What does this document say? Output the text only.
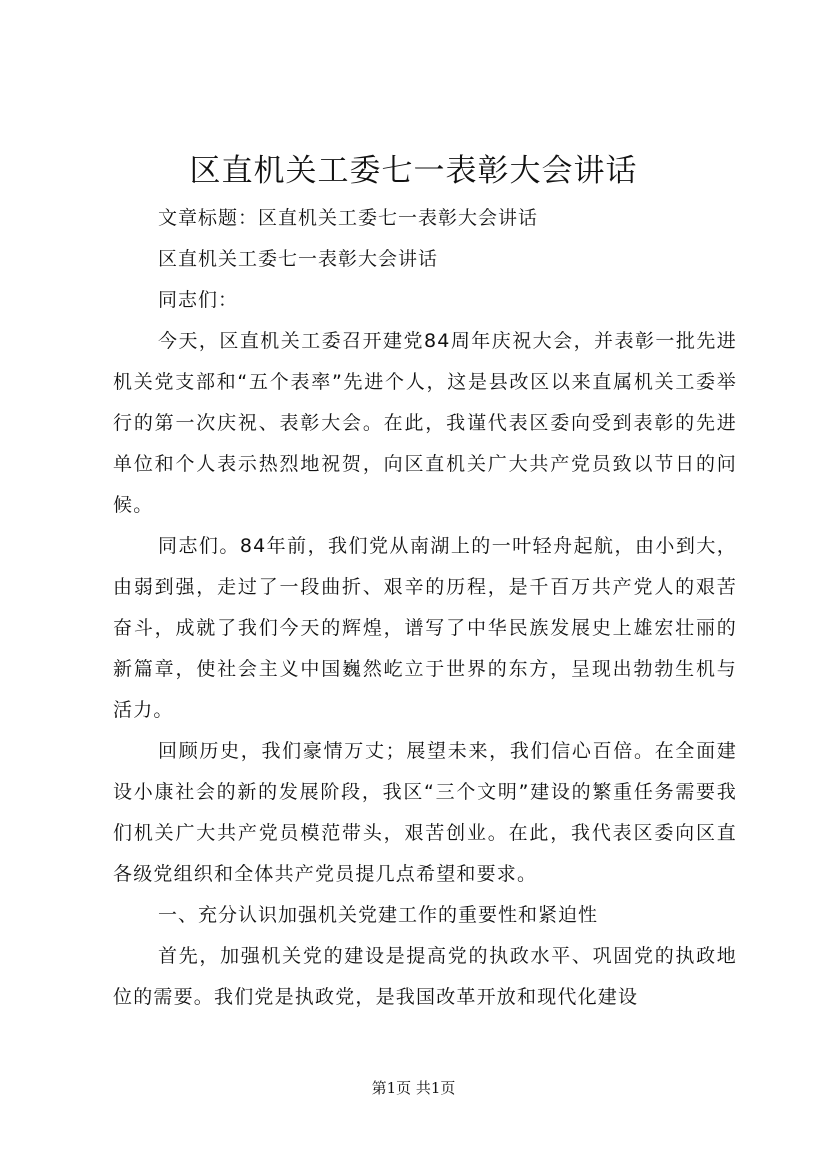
区直机关工委七一表彰大会讲话
文章标题：区直机关工委七一表彰大会讲话
区直机关工委七一表彰大会讲话
同志们：
今天，区直机关工委召开建党84周年庆祝大会，并表彰一批先进机关党支部和“五个表率”先进个人，这是县改区以来直属机关工委举行的第一次庆祝、表彰大会。在此，我谨代表区委向受到表彰的先进单位和个人表示热烈地祝贺，向区直机关广大共产党员致以节日的问候。
同志们。84年前，我们党从南湖上的一叶轻舟起航，由小到大，由弱到强，走过了一段曲折、艰辛的历程，是千百万共产党人的艰苦奋斗，成就了我们今天的辉煌，谱写了中华民族发展史上雄宏壮丽的新篇章，使社会主义中国巍然屹立于世界的东方，呈现出勃勃生机与活力。
回顾历史，我们豪情万丈；展望未来，我们信心百倍。在全面建设小康社会的新的发展阶段，我区“三个文明”建设的繁重任务需要我们机关广大共产党员模范带头，艰苦创业。在此，我代表区委向区直各级党组织和全体共产党员提几点希望和要求。
一、充分认识加强机关党建工作的重要性和紧迫性
首先，加强机关党的建设是提高党的执政水平、巩固党的执政地位的需要。我们党是执政党，是我国改革开放和现代化建设
第1页 共1页
